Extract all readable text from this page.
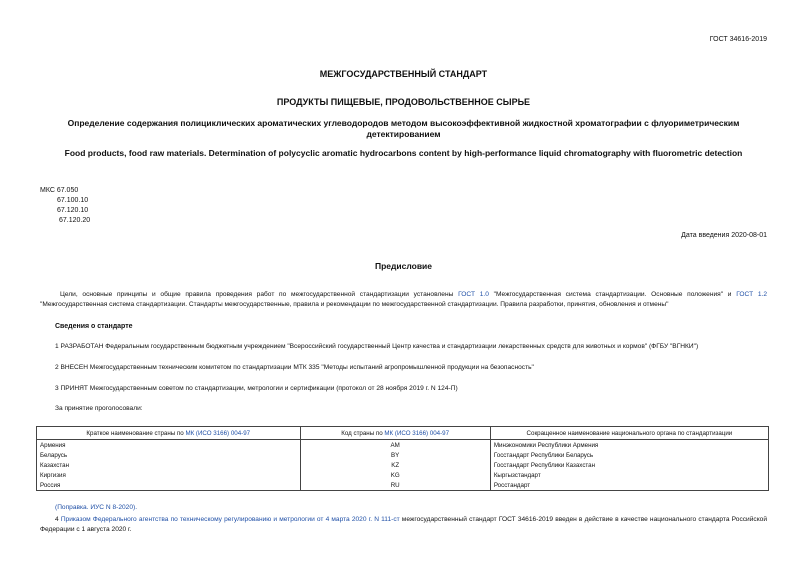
ГОСТ 34616-2019
МЕЖГОСУДАРСТВЕННЫЙ СТАНДАРТ
ПРОДУКТЫ ПИЩЕВЫЕ, ПРОДОВОЛЬСТВЕННОЕ СЫРЬЕ
Определение содержания полициклических ароматических углеводородов методом высокоэффективной жидкостной хроматографии с флуориметрическим детектированием
Food products, food raw materials. Determination of polycyclic aromatic hydrocarbons content by high-performance liquid chromatography with fluorometric detection
МКС 67.050
67.100.10
67.120.10
67.120.20
Дата введения 2020-08-01
Предисловие
Цели, основные принципы и общие правила проведения работ по межгосударственной стандартизации установлены ГОСТ 1.0 "Межгосударственная система стандартизации. Основные положения" и ГОСТ 1.2 "Межгосударственная система стандартизации. Стандарты межгосударственные, правила и рекомендации по межгосударственной стандартизации. Правила разработки, принятия, обновления и отмены"
Сведения о стандарте
1 РАЗРАБОТАН Федеральным государственным бюджетным учреждением "Всероссийский государственный Центр качества и стандартизации лекарственных средств для животных и кормов" (ФГБУ "ВГНКИ")
2 ВНЕСЕН Межгосударственным техническим комитетом по стандартизации МТК 335 "Методы испытаний агропромышленной продукции на безопасность"
3 ПРИНЯТ Межгосударственным советом по стандартизации, метрологии и сертификации (протокол от 28 ноября 2019 г. N 124-П)
За принятие проголосовали:
Краткое наименование страны по МК (ИСО 3166) 004-97	Код страны по МК (ИСО 3166) 004-97	Сокращенное наименование национального органа по стандартизации
Армения	AM	Минэкономики Республики Армения
Беларусь	BY	Госстандарт Республики Беларусь
Казахстан	KZ	Госстандарт Республики Казахстан
Киргизия	KG	Кыргызстандарт
Россия	RU	Росстандарт
(Поправка. ИУС N 8-2020).
4 Приказом Федерального агентства по техническому регулированию и метрологии от 4 марта 2020 г. N 111-ст межгосударственный стандарт ГОСТ 34616-2019 введен в действие в качестве национального стандарта Российской Федерации с 1 августа 2020 г.
